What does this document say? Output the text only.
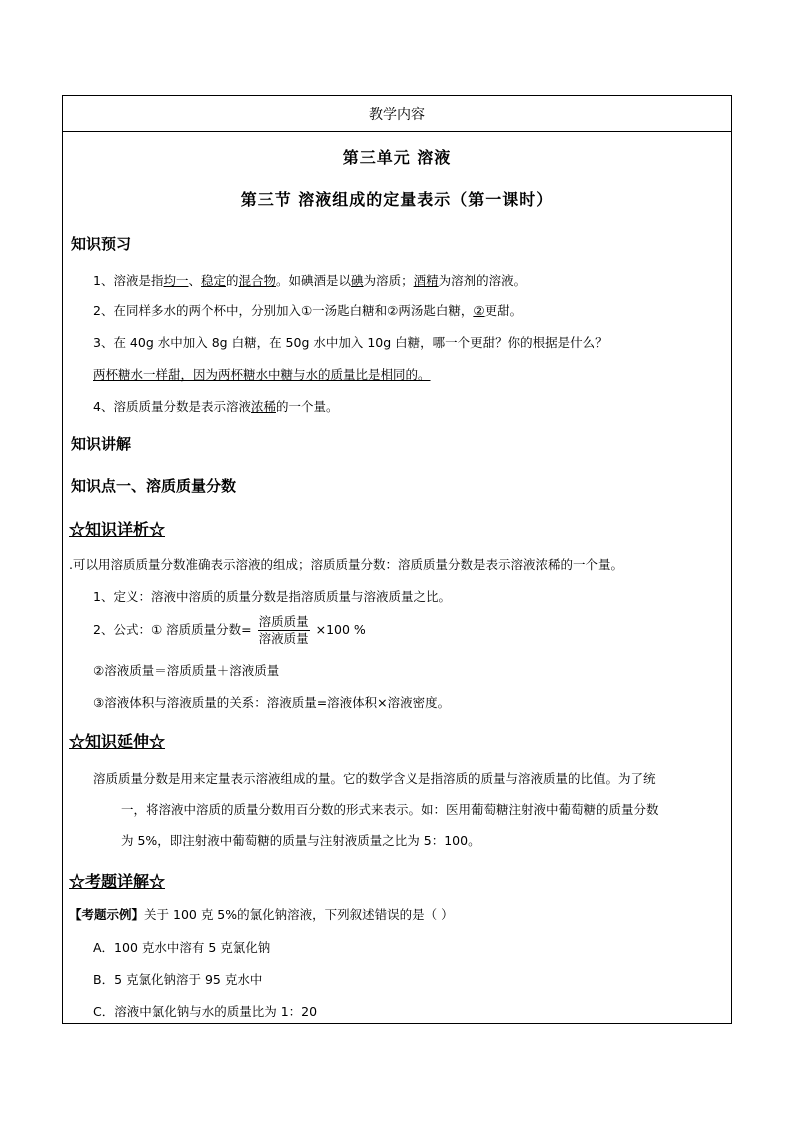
教学内容
第三单元 溶液
第三节 溶液组成的定量表示（第一课时）
知识预习
1、溶液是指均一、稳定的混合物。如碘酒是以碘为溶质；酒精为溶剂的溶液。
2、在同样多水的两个杯中，分别加入①一汤匙白糖和②两汤匙白糖，②更甜。
3、在 40g 水中加入 8g 白糖，在 50g 水中加入 10g 白糖，哪一个更甜？你的根据是什么？
两杯糖水一样甜，因为两杯糖水中糖与水的质量比是相同的。
4、溶质质量分数是表示溶液浓稀的一个量。
知识讲解
知识点一、溶质质量分数
☆知识详析☆
.可以用溶质质量分数准确表示溶液的组成；溶质质量分数：溶质质量分数是表示溶液浓稀的一个量。
1、定义：溶液中溶质的质量分数是指溶质质量与溶液质量之比。
2、公式：① 溶质质量分数= $\frac{\text{溶质质量}}{\text{溶液质量}} \times 100$ %
②溶液质量＝溶质质量＋溶液质量
③溶液体积与溶液质量的关系：溶液质量=溶液体积×溶液密度。
☆知识延伸☆
溶质质量分数是用来定量表示溶液组成的量。它的数学含义是指溶质的质量与溶液质量的比值。为了统
一，将溶液中溶质的质量分数用百分数的形式来表示。如：医用葡萄糖注射液中葡萄糖的质量分数
为 5%，即注射液中葡萄糖的质量与注射液质量之比为 5：100。
☆考题详解☆
【考题示例】关于 100 克 5%的氯化钠溶液，下列叙述错误的是（ ）
A．100 克水中溶有 5 克氯化钠
B．5 克氯化钠溶于 95 克水中
C．溶液中氯化钠与水的质量比为 1：20
